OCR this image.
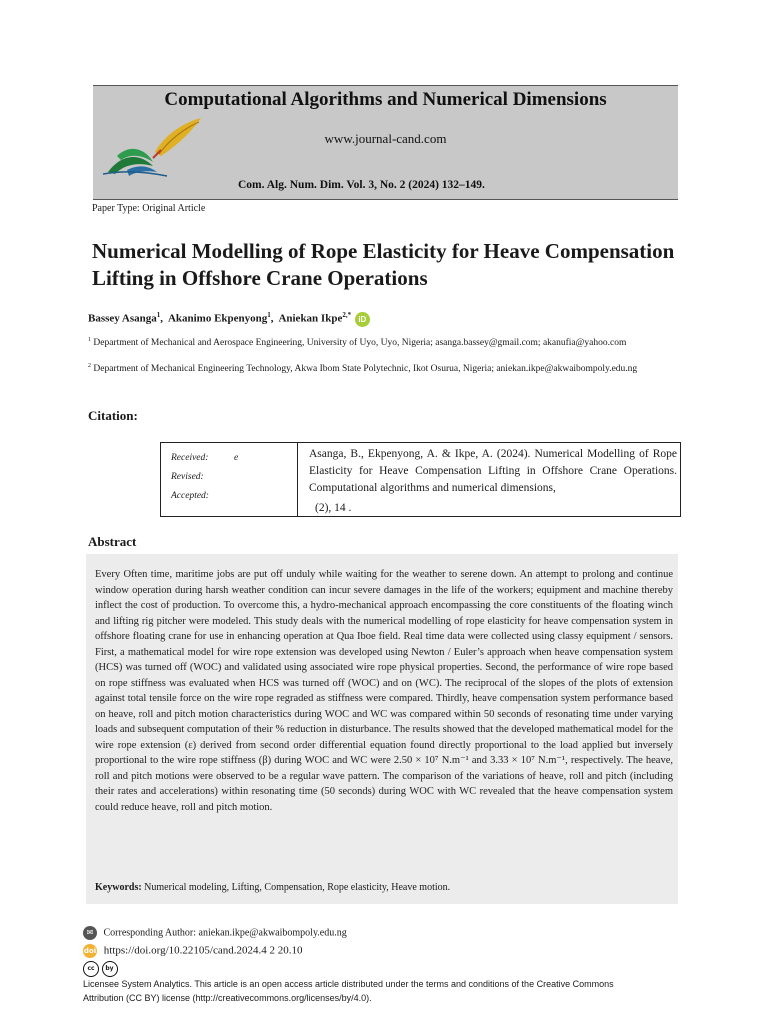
Computational Algorithms and Numerical Dimensions
www.journal-cand.com
Com. Alg. Num. Dim. Vol. 3, No. 2 (2024) 132–149.
Paper Type: Original Article
Numerical Modelling of Rope Elasticity for Heave Compensation Lifting in Offshore Crane Operations
Bassey Asanga$^1$,  Akanimo Ekpenyong$^1$,  Aniekan Ikpe$^{2,*}$ iD
$^1$ Department of Mechanical and Aerospace Engineering, University of Uyo, Uyo, Nigeria; asanga.bassey@gmail.com; akanufia@yahoo.com
$^2$ Department of Mechanical Engineering Technology, Akwa Ibom State Polytechnic, Ikot Osurua, Nigeria; aniekan.ikpe@akwaibompoly.edu.ng
Citation:
Received:	e
Revised:
Accepted:
Asanga, B., Ekpenyong, A. & Ikpe, A. (2024). Numerical Modelling of Rope Elasticity for Heave Compensation Lifting in Offshore Crane Operations. Computational algorithms and numerical dimensions,
(2), 14 .
Abstract
Every Often time, maritime jobs are put off unduly while waiting for the weather to serene down. An attempt to prolong and continue window operation during harsh weather condition can incur severe damages in the life of the workers; equipment and machine thereby inflect the cost of production. To overcome this, a hydro-mechanical approach encompassing the core constituents of the floating winch and lifting rig pitcher were modeled. This study deals with the numerical modelling of rope elasticity for heave compensation system in offshore floating crane for use in enhancing operation at Qua Iboe field. Real time data were collected using classy equipment / sensors. First, a mathematical model for wire rope extension was developed using Newton / Euler’s approach when heave compensation system (HCS) was turned off (WOC) and validated using associated wire rope physical properties. Second, the performance of wire rope based on rope stiffness was evaluated when HCS was turned off (WOC) and on (WC). The reciprocal of the slopes of the plots of extension against total tensile force on the wire rope regraded as stiffness were compared. Thirdly, heave compensation system performance based on heave, roll and pitch motion characteristics during WOC and WC was compared within 50 seconds of resonating time under varying loads and subsequent computation of their % reduction in disturbance. The results showed that the developed mathematical model for the wire rope extension (ε) derived from second order differential equation found directly proportional to the load applied but inversely proportional to the wire rope stiffness (β) during WOC and WC were 2.50 × 10⁷ N.m⁻¹ and 3.33 × 10⁷ N.m⁻¹, respectively. The heave, roll and pitch motions were observed to be a regular wave pattern. The comparison of the variations of heave, roll and pitch (including their rates and accelerations) within resonating time (50 seconds) during WOC with WC revealed that the heave compensation system could reduce heave, roll and pitch motion.
Keywords: Numerical modeling, Lifting, Compensation, Rope elasticity, Heave motion.
✉ Corresponding Author: aniekan.ikpe@akwaibompoly.edu.ng
doi https://doi.org/10.22105/cand.2024.4 2 20.10
cc by Licensee System Analytics. This article is an open access article distributed under the terms and conditions of the Creative Commons Attribution (CC BY) license (http://creativecommons.org/licenses/by/4.0).
